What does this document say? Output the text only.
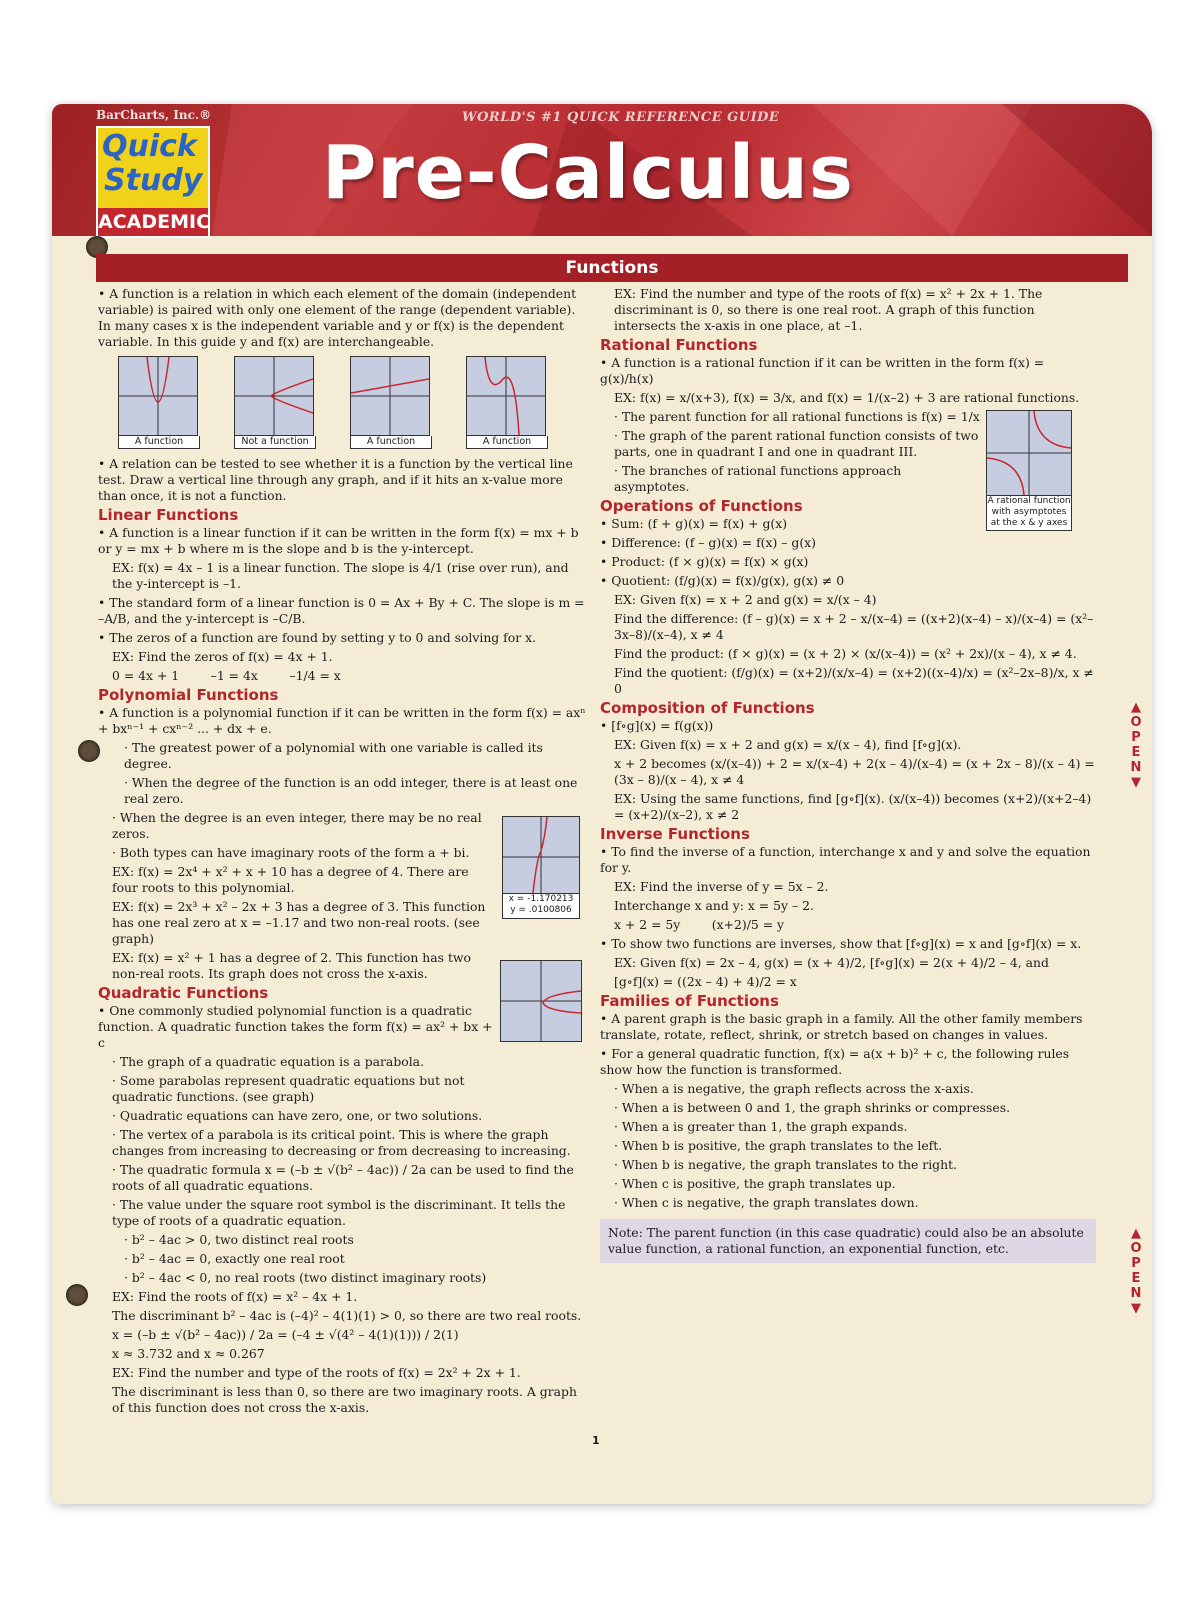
BarCharts, Inc.®
Quick
Study
ACADEMIC
WORLD'S #1 QUICK REFERENCE GUIDE
Pre-Calculus
Functions

• A function is a relation in which each element of the domain (independent variable) is paired with only one element of the range (dependent variable). In many cases x is the independent variable and y or f(x) is the dependent variable. In this guide y and f(x) are interchangeable.

A function	Not a function	A function	A function

• A relation can be tested to see whether it is a function by the vertical line test. Draw a vertical line through any graph, and if it hits an x-value more than once, it is not a function.

Linear Functions

• A function is a linear function if it can be written in the form f(x) = mx + b or y = mx + b where m is the slope and b is the y-intercept.

EX: f(x) = 4x – 1 is a linear function. The slope is 4/1 (rise over run), and the y-intercept is –1.

• The standard form of a linear function is 0 = Ax + By + C. The slope is m = –A/B, and the y-intercept is –C/B.

• The zeros of a function are found by setting y to 0 and solving for x.

EX: Find the zeros of f(x) = 4x + 1.

0 = 4x + 1        –1 = 4x        –1/4 = x

Polynomial Functions

• A function is a polynomial function if it can be written in the form f(x) = axⁿ + bxⁿ⁻¹ + cxⁿ⁻² ... + dx + e.

· The greatest power of a polynomial with one variable is called its degree.

· When the degree of the function is an odd integer, there is at least one real zero.

· When the degree is an even integer, there may be no real zeros.

· Both types can have imaginary roots of the form a + bi.

EX: f(x) = 2x⁴ + x² + x + 10 has a degree of 4. There are four roots to this polynomial.

EX: f(x) = 2x³ + x² – 2x + 3 has a degree of 3. This function has one real zero at x = –1.17 and two non-real roots. (see graph)

EX: f(x) = x² + 1 has a degree of 2. This function has two non-real roots. Its graph does not cross the x-axis.

Quadratic Functions

• One commonly studied polynomial function is a quadratic function. A quadratic function takes the form f(x) = ax² + bx + c

· The graph of a quadratic equation is a parabola.

· Some parabolas represent quadratic equations but not quadratic functions. (see graph)

· Quadratic equations can have zero, one, or two solutions.

· The vertex of a parabola is its critical point. This is where the graph changes from increasing to decreasing or from decreasing to increasing.

· The quadratic formula x = (–b ± √(b² – 4ac)) / 2a can be used to find the roots of all quadratic equations.

· The value under the square root symbol is the discriminant. It tells the type of roots of a quadratic equation.

· b² – 4ac > 0, two distinct real roots

· b² – 4ac = 0, exactly one real root

· b² – 4ac < 0, no real roots (two distinct imaginary roots)

EX: Find the roots of f(x) = x² – 4x + 1.

The discriminant b² – 4ac is (–4)² – 4(1)(1) > 0, so there are two real roots.

x = (–b ± √(b² – 4ac)) / 2a = (–4 ± √(4² – 4(1)(1))) / 2(1)

x ≈ 3.732 and x ≈ 0.267

EX: Find the number and type of the roots of f(x) = 2x² + 2x + 1.

The discriminant is less than 0, so there are two imaginary roots. A graph of this function does not cross the x-axis.

x = -1.170213
y = .0100806

EX: Find the number and type of the roots of f(x) = x² + 2x + 1. The discriminant is 0, so there is one real root. A graph of this function intersects the x-axis in one place, at –1.

Rational Functions

• A function is a rational function if it can be written in the form f(x) = g(x)/h(x)

EX: f(x) = x/(x+3), f(x) = 3/x, and f(x) = 1/(x–2) + 3 are rational functions.

· The parent function for all rational functions is f(x) = 1/x

· The graph of the parent rational function consists of two parts, one in quadrant I and one in quadrant III.

· The branches of rational functions approach asymptotes.

Operations of Functions

• Sum: (f + g)(x) = f(x) + g(x)

• Difference: (f – g)(x) = f(x) – g(x)

• Product: (f × g)(x) = f(x) × g(x)

• Quotient: (f/g)(x) = f(x)/g(x), g(x) ≠ 0

EX: Given f(x) = x + 2 and g(x) = x/(x – 4)

Find the difference: (f – g)(x) = x + 2 – x/(x–4) = ((x+2)(x–4) – x)/(x–4) = (x²–3x–8)/(x–4), x ≠ 4

Find the product: (f × g)(x) = (x + 2) × (x/(x–4)) = (x² + 2x)/(x – 4), x ≠ 4.

Find the quotient: (f/g)(x) = (x+2)/(x/x–4) = (x+2)((x–4)/x) = (x²–2x–8)/x, x ≠ 0

Composition of Functions

• [f∘g](x) = f(g(x))

EX: Given f(x) = x + 2 and g(x) = x/(x – 4), find [f∘g](x).

x + 2 becomes (x/(x–4)) + 2 = x/(x–4) + 2(x – 4)/(x–4) = (x + 2x – 8)/(x – 4) = (3x – 8)/(x – 4), x ≠ 4

EX: Using the same functions, find [g∘f](x). (x/(x–4)) becomes (x+2)/(x+2–4) = (x+2)/(x–2), x ≠ 2

Inverse Functions

• To find the inverse of a function, interchange x and y and solve the equation for y.

EX: Find the inverse of y = 5x – 2.

Interchange x and y: x = 5y – 2.

x + 2 = 5y        (x+2)/5 = y

• To show two functions are inverses, show that [f∘g](x) = x and [g∘f](x) = x.

EX: Given f(x) = 2x – 4, g(x) = (x + 4)/2, [f∘g](x) = 2(x + 4)/2 – 4, and

[g∘f](x) = ((2x – 4) + 4)/2 = x

Families of Functions

• A parent graph is the basic graph in a family. All the other family members translate, rotate, reflect, shrink, or stretch based on changes in values.

• For a general quadratic function, f(x) = a(x + b)² + c, the following rules show how the function is transformed.

· When a is negative, the graph reflects across the x-axis.

· When a is between 0 and 1, the graph shrinks or compresses.

· When a is greater than 1, the graph expands.

· When b is positive, the graph translates to the left.

· When b is negative, the graph translates to the right.

· When c is positive, the graph translates up.

· When c is negative, the graph translates down.

Note: The parent function (in this case quadratic) could also be an absolute value function, a rational function, an exponential function, etc.
A rational function with asymptotes at the x & y axes
▲
OPEN
▼
▲
OPEN
▼
1
